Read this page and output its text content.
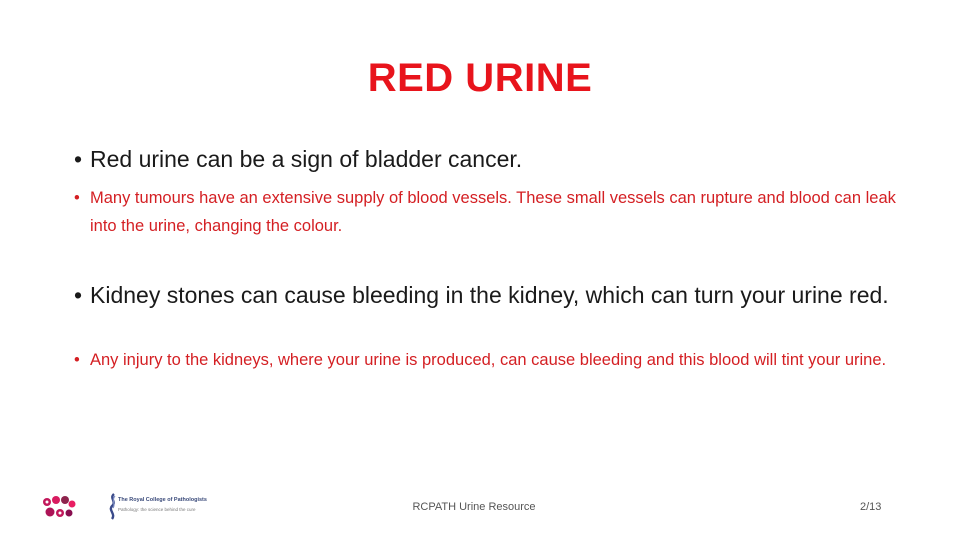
RED URINE
• Red urine can be a sign of bladder cancer.
• Many tumours have an extensive supply of blood vessels. These small vessels can rupture and blood can leak into the urine, changing the colour.
• Kidney stones can cause bleeding in the kidney, which can turn your urine red.
• Any injury to the kidneys, where your urine is produced, can cause bleeding and this blood will tint your urine.
The Royal College of Pathologists
Pathology: the science behind the cure	RCPATH Urine Resource	2/13
